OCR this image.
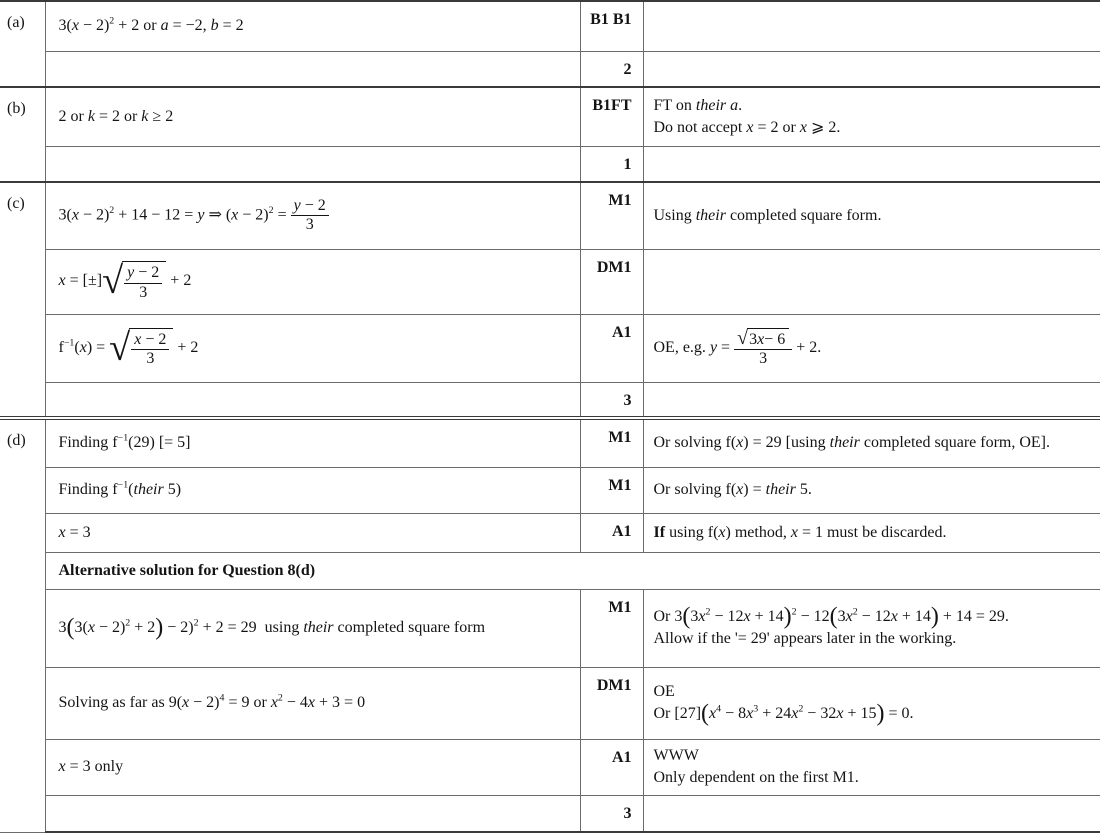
(a)	$3(x - 2)^2 + 2$ or a = −2, b = 2	B1 B1	
		2	
(b)	2 or k = 2 or k ≥ 2	B1FT	FT on their a.
Do not accept x = 2 or x ⩾ 2.
		1	
(c)	$3(x - 2)^2 + 14 - 12 = y$ ⇒ $(x - 2)^2 = \frac{y - 2}{3}$	M1	Using their completed square form.
	x = [±] √ $\frac{y - 2}{3} + 2$	DM1	
$f^{-1}(x)$ = √ $\frac{x - 2}{3} + 2$	A1	OE, e.g. $y = \frac{√ 3 x - 6}{3} + 2$.
		3	
(d)	Finding $f^{-1}(29)$ [= 5]	M1	Or solving f(x) = 29 [using their completed square form, OE].
	Finding $f^{-1}(their$ 5)	M1	Or solving f(x) = their 5.
	x = 3	A1	If using f(x) method, x = 1 must be discarded.
	Alternative solution for Question 8(d)		
	$3(3(x - 2)^2 + 2) - 2)^2 + 2 = 29$  using their completed square form	M1	Or $3(3x^2 - 12x + 14)^2 - 12(3x^2 - 12x + 14) + 14 = 29$.
Allow if the '= 29' appears later in the working.
	Solving as far as $9(x - 2)^4 = 9$ or $x^2 - 4x + 3 = 0$	DM1	OE
Or $[27](x^4 - 8x^3 + 24x^2 - 32x + 15) = 0$.
	x = 3 only	A1	WWW
Only dependent on the first M1.
		3	
